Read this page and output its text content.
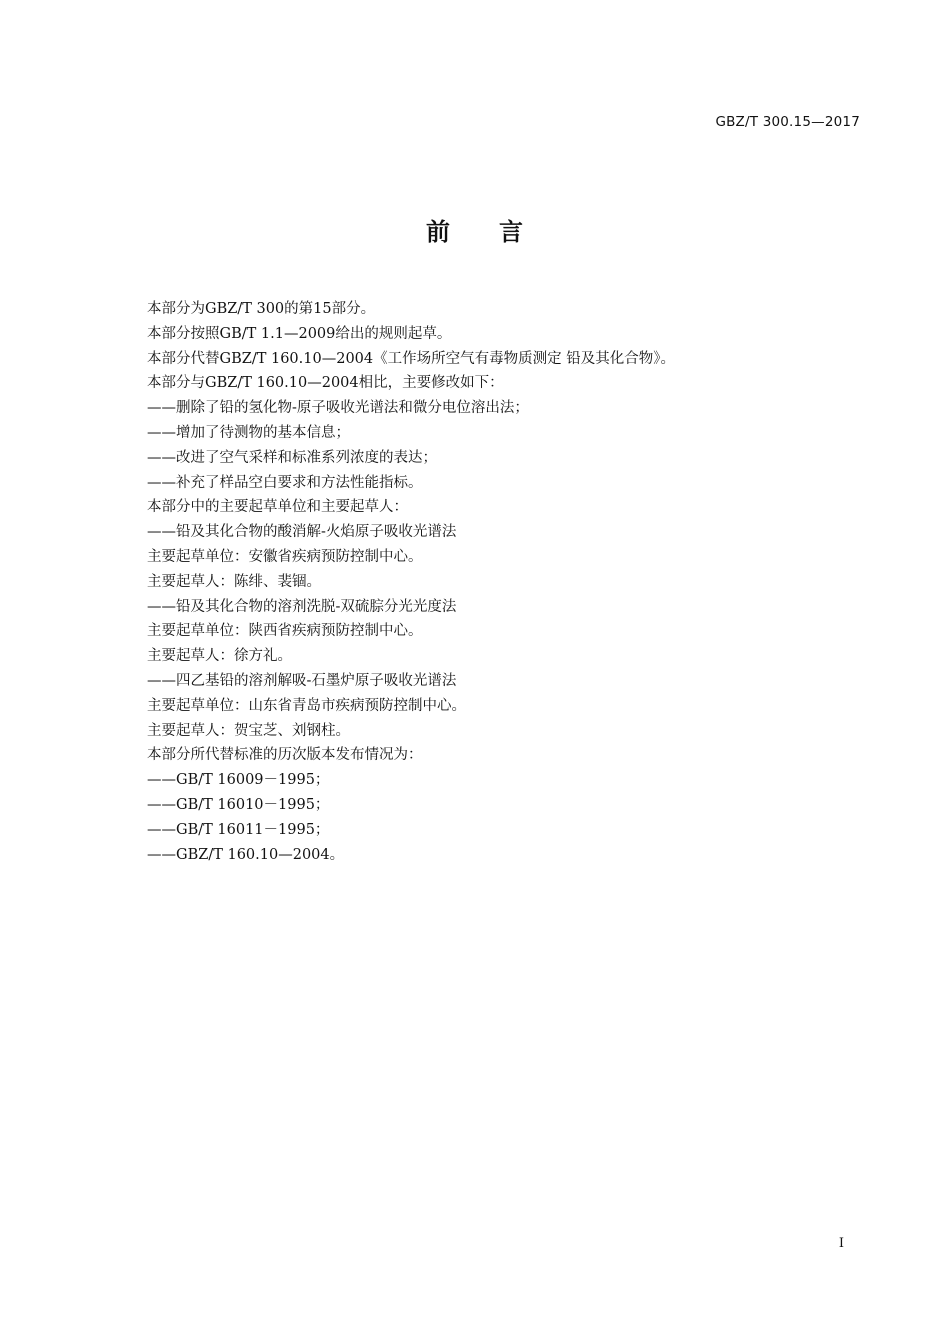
GBZ/T 300.15—2017
前 言
本部分为GBZ/T 300的第15部分。
本部分按照GB/T 1.1—2009给出的规则起草。
本部分代替GBZ/T 160.10—2004《工作场所空气有毒物质测定 铅及其化合物》。
本部分与GBZ/T 160.10—2004相比，主要修改如下：
——删除了铅的氢化物-原子吸收光谱法和微分电位溶出法；
——增加了待测物的基本信息；
——改进了空气采样和标准系列浓度的表达；
——补充了样品空白要求和方法性能指标。
本部分中的主要起草单位和主要起草人：
——铅及其化合物的酸消解-火焰原子吸收光谱法
主要起草单位：安徽省疾病预防控制中心。
主要起草人：陈绯、裴锢。
——铅及其化合物的溶剂洗脱-双硫腙分光光度法
主要起草单位：陕西省疾病预防控制中心。
主要起草人：徐方礼。
——四乙基铅的溶剂解吸-石墨炉原子吸收光谱法
主要起草单位：山东省青岛市疾病预防控制中心。
主要起草人：贺宝芝、刘钢柱。
本部分所代替标准的历次版本发布情况为：
——GB/T 16009－1995；
——GB/T 16010－1995；
——GB/T 16011－1995；
——GBZ/T 160.10—2004。
I
